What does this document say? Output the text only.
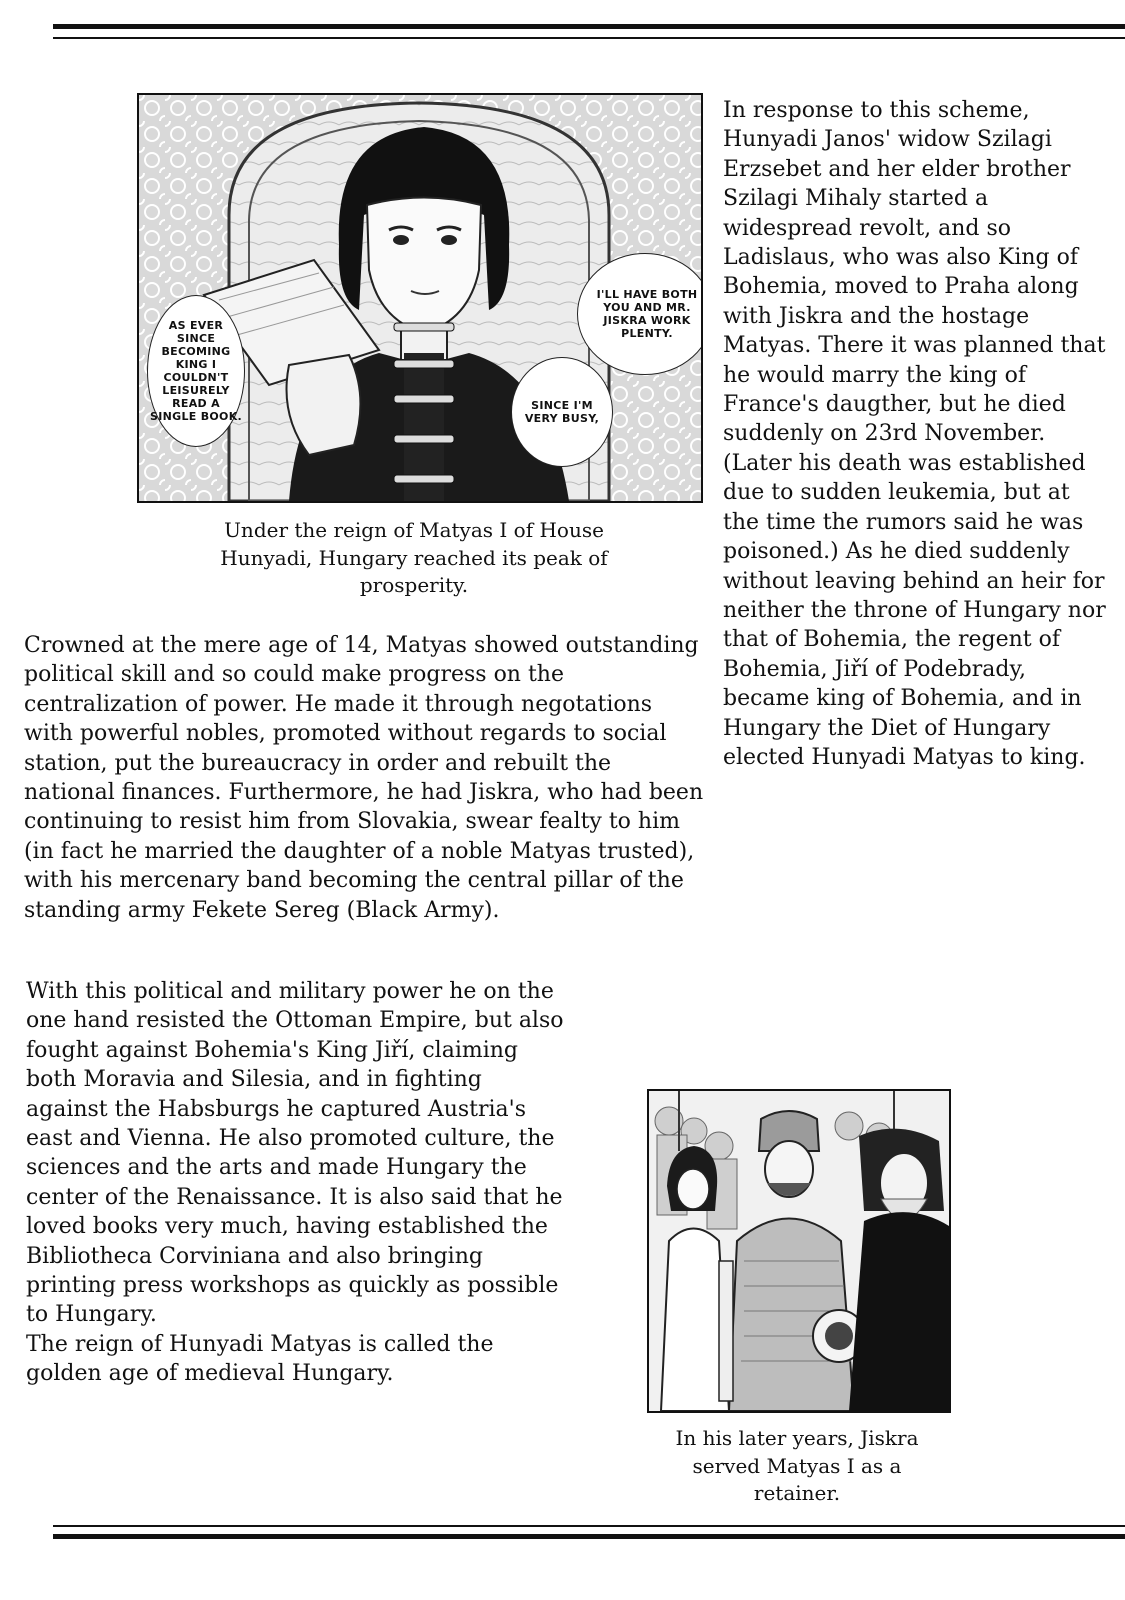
AS EVER SINCE BECOMING KING I COULDN'T LEISURELY READ A SINGLE BOOK.
I'LL HAVE BOTH YOU AND MR. JISKRA WORK PLENTY.
SINCE I'M VERY BUSY,

Under the reign of Matyas I of House Hunyadi, Hungary reached its peak of prosperity.

In response to this scheme, Hunyadi Janos' widow Szilagi Erzsebet and her elder brother Szilagi Mihaly started a widespread revolt, and so Ladislaus, who was also King of Bohemia, moved to Praha along with Jiskra and the hostage Matyas. There it was planned that he would marry the king of France's daugther, but he died suddenly on 23rd November. (Later his death was established due to sudden leukemia, but at the time the rumors said he was poisoned.) As he died suddenly without leaving behind an heir for neither the throne of Hungary nor that of Bohemia, the regent of Bohemia, Jiří of Podebrady, became king of Bohemia, and in Hungary the Diet of Hungary elected Hunyadi Matyas to king.

Crowned at the mere age of 14, Matyas showed outstanding political skill and so could make progress on the centralization of power. He made it through negotations with powerful nobles, promoted without regards to social station, put the bureaucracy in order and rebuilt the national finances. Furthermore, he had Jiskra, who had been continuing to resist him from Slovakia, swear fealty to him (in fact he married the daughter of a noble Matyas trusted), with his mercenary band becoming the central pillar of the standing army Fekete Sereg (Black Army).

With this political and military power he on the one hand resisted the Ottoman Empire, but also fought against Bohemia's King Jiří, claiming both Moravia and Silesia, and in fighting against the Habsburgs he captured Austria's east and Vienna. He also promoted culture, the sciences and the arts and made Hungary the center of the Renaissance. It is also said that he loved books very much, having established the Bibliotheca Corviniana and also bringing printing press workshops as quickly as possible to Hungary.

The reign of Hunyadi Matyas is called the golden age of medieval Hungary.

In his later years, Jiskra served Matyas I as a retainer.
